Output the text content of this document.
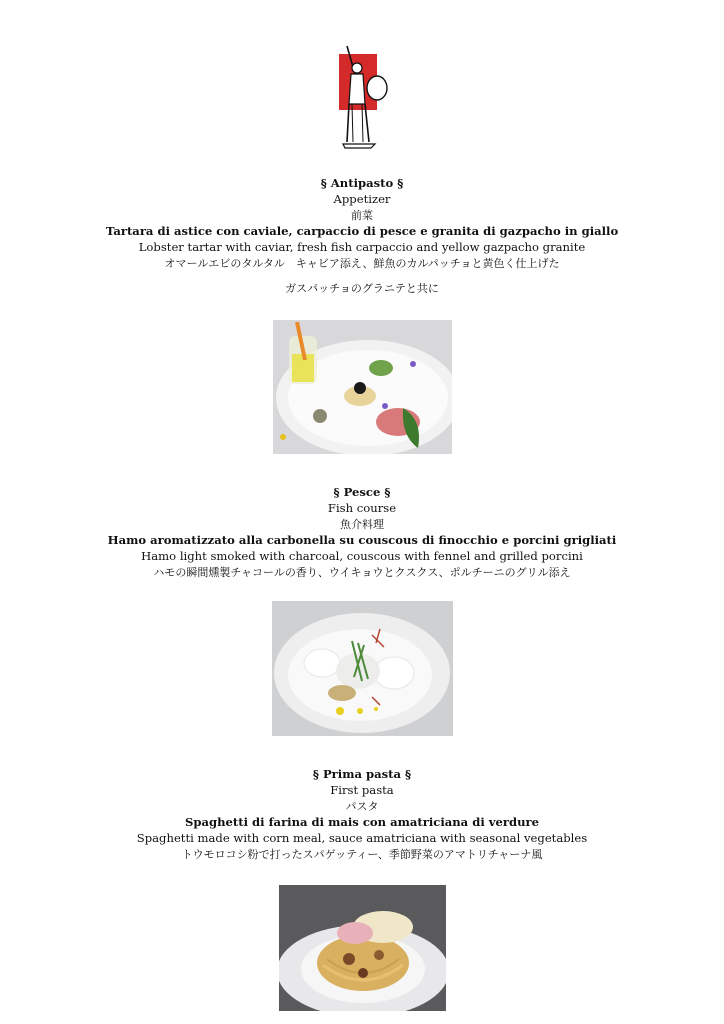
§ Antipasto §
Appetizer
前菜
Tartara di astice con caviale, carpaccio di pesce e granita di gazpacho in giallo
Lobster tartar with caviar, fresh fish carpaccio and yellow gazpacho granite
オマールエビのタルタル　キャビア添え、鮮魚のカルパッチョと黄色く仕上げた
ガスパッチョのグラニテと共に
§ Pesce §
Fish course
魚介料理
Hamo aromatizzato alla carbonella su couscous di finocchio e porcini grigliati
Hamo light smoked with charcoal, couscous with fennel and grilled porcini
ハモの瞬間燻製チャコールの香り、ウイキョウとクスクス、ポルチーニのグリル添え
§ Prima pasta §
First pasta
パスタ
Spaghetti di farina di mais con amatriciana di verdure
Spaghetti made with corn meal, sauce amatriciana with seasonal vegetables
トウモロコシ粉で打ったスパゲッティー、季節野菜のアマトリチャーナ風
